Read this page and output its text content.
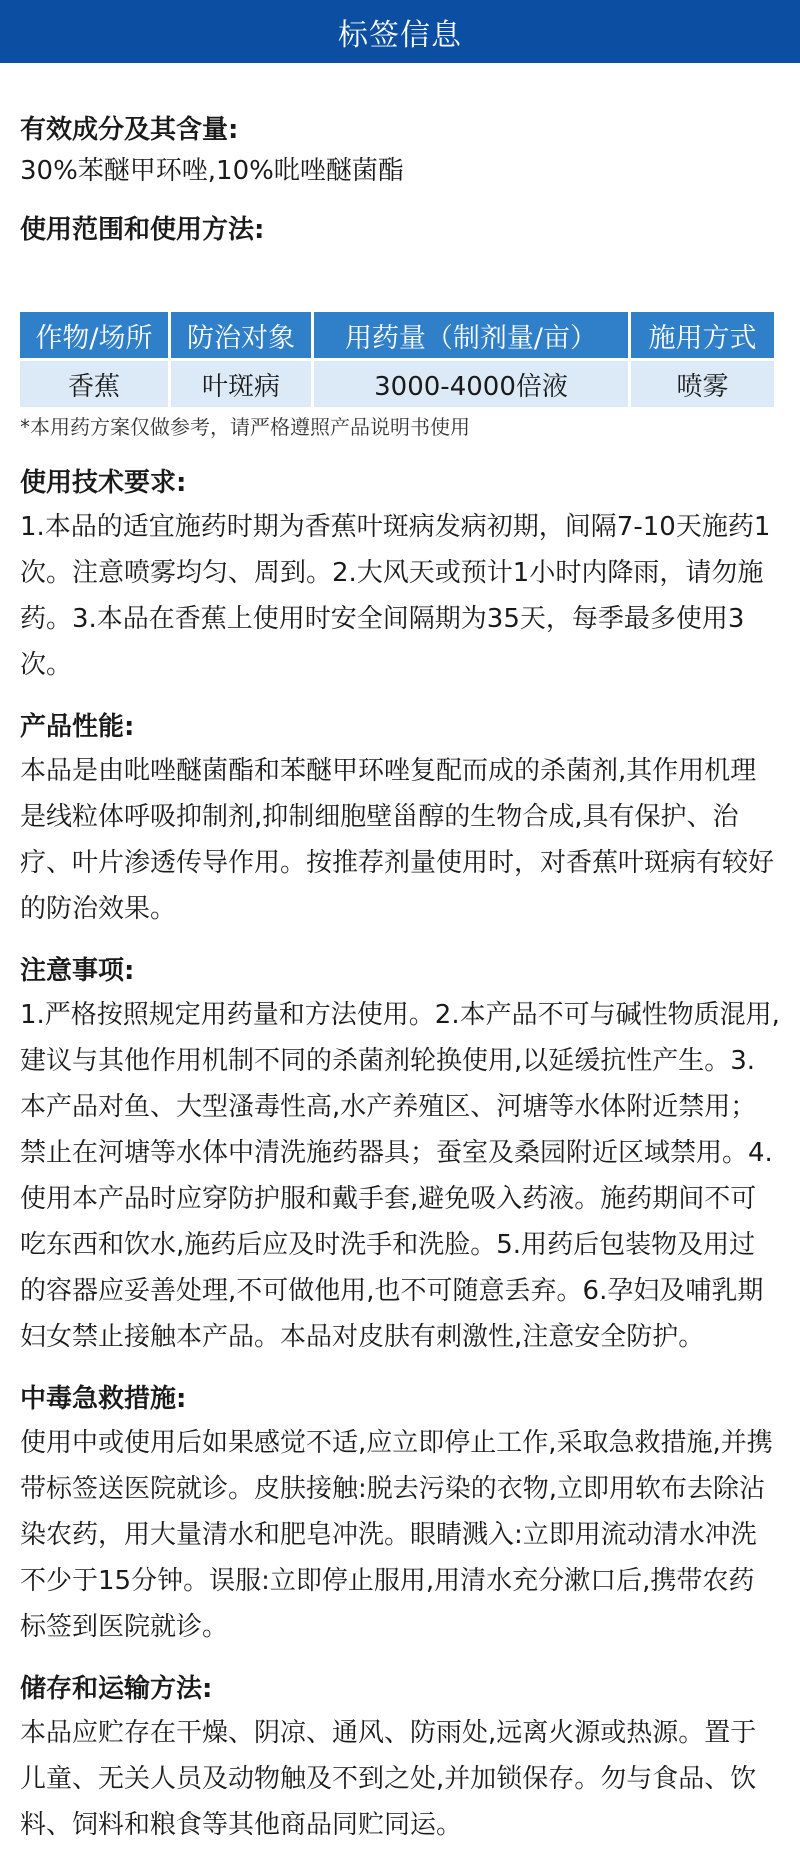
标签信息

有效成分及其含量:

30%苯醚甲环唑,10%吡唑醚菌酯

使用范围和使用方法:

作物/场所	防治对象	用药量（制剂量/亩）	施用方式
香蕉	叶斑病	3000-4000倍液	喷雾

*本用药方案仅做参考，请严格遵照产品说明书使用

使用技术要求:

1.本品的适宜施药时期为香蕉叶斑病发病初期，间隔7-10天施药1次。注意喷雾均匀、周到。2.大风天或预计1小时内降雨，请勿施药。3.本品在香蕉上使用时安全间隔期为35天，每季最多使用3次。

产品性能:

本品是由吡唑醚菌酯和苯醚甲环唑复配而成的杀菌剂,其作用机理是线粒体呼吸抑制剂,抑制细胞壁甾醇的生物合成,具有保护、治疗、叶片渗透传导作用。按推荐剂量使用时，对香蕉叶斑病有较好的防治效果。

注意事项:

1.严格按照规定用药量和方法使用。2.本产品不可与碱性物质混用,建议与其他作用机制不同的杀菌剂轮换使用,以延缓抗性产生。3.本产品对鱼、大型溞毒性高,水产养殖区、河塘等水体附近禁用；禁止在河塘等水体中清洗施药器具；蚕室及桑园附近区域禁用。4.使用本产品时应穿防护服和戴手套,避免吸入药液。施药期间不可吃东西和饮水,施药后应及时洗手和洗脸。5.用药后包装物及用过的容器应妥善处理,不可做他用,也不可随意丢弃。6.孕妇及哺乳期妇女禁止接触本产品。本品对皮肤有刺激性,注意安全防护。

中毒急救措施:

使用中或使用后如果感觉不适,应立即停止工作,采取急救措施,并携带标签送医院就诊。皮肤接触:脱去污染的衣物,立即用软布去除沾染农药，用大量清水和肥皂冲洗。眼睛溅入:立即用流动清水冲洗不少于15分钟。误服:立即停止服用,用清水充分漱口后,携带农药标签到医院就诊。

储存和运输方法:

本品应贮存在干燥、阴凉、通风、防雨处,远离火源或热源。置于儿童、无关人员及动物触及不到之处,并加锁保存。勿与食品、饮料、饲料和粮食等其他商品同贮同运。
